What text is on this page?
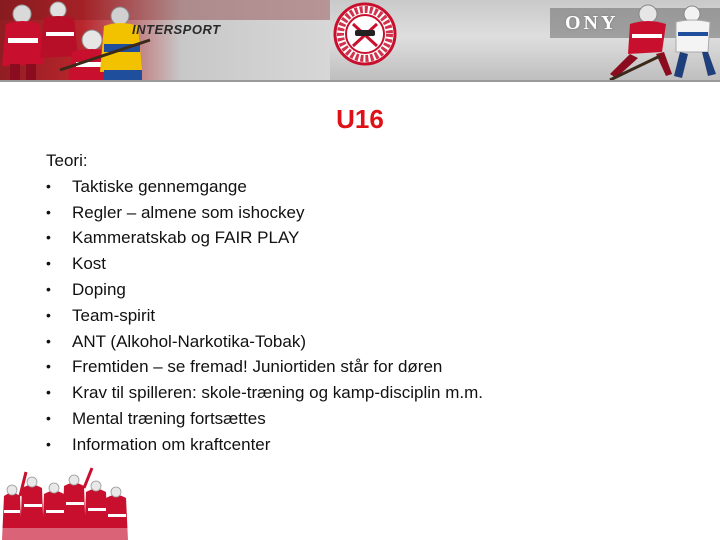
INTERSPORT	ONY
U16

Teori:

• Taktiske gennemgange
• Regler – almene som ishockey
• Kammeratskab og FAIR PLAY
• Kost
• Doping
• Team-spirit
• ANT (Alkohol-Narkotika-Tobak)
• Fremtiden – se fremad! Juniortiden står for døren
• Krav til spilleren: skole-træning og kamp-disciplin m.m.
• Mental træning fortsættes
• Information om kraftcenter
